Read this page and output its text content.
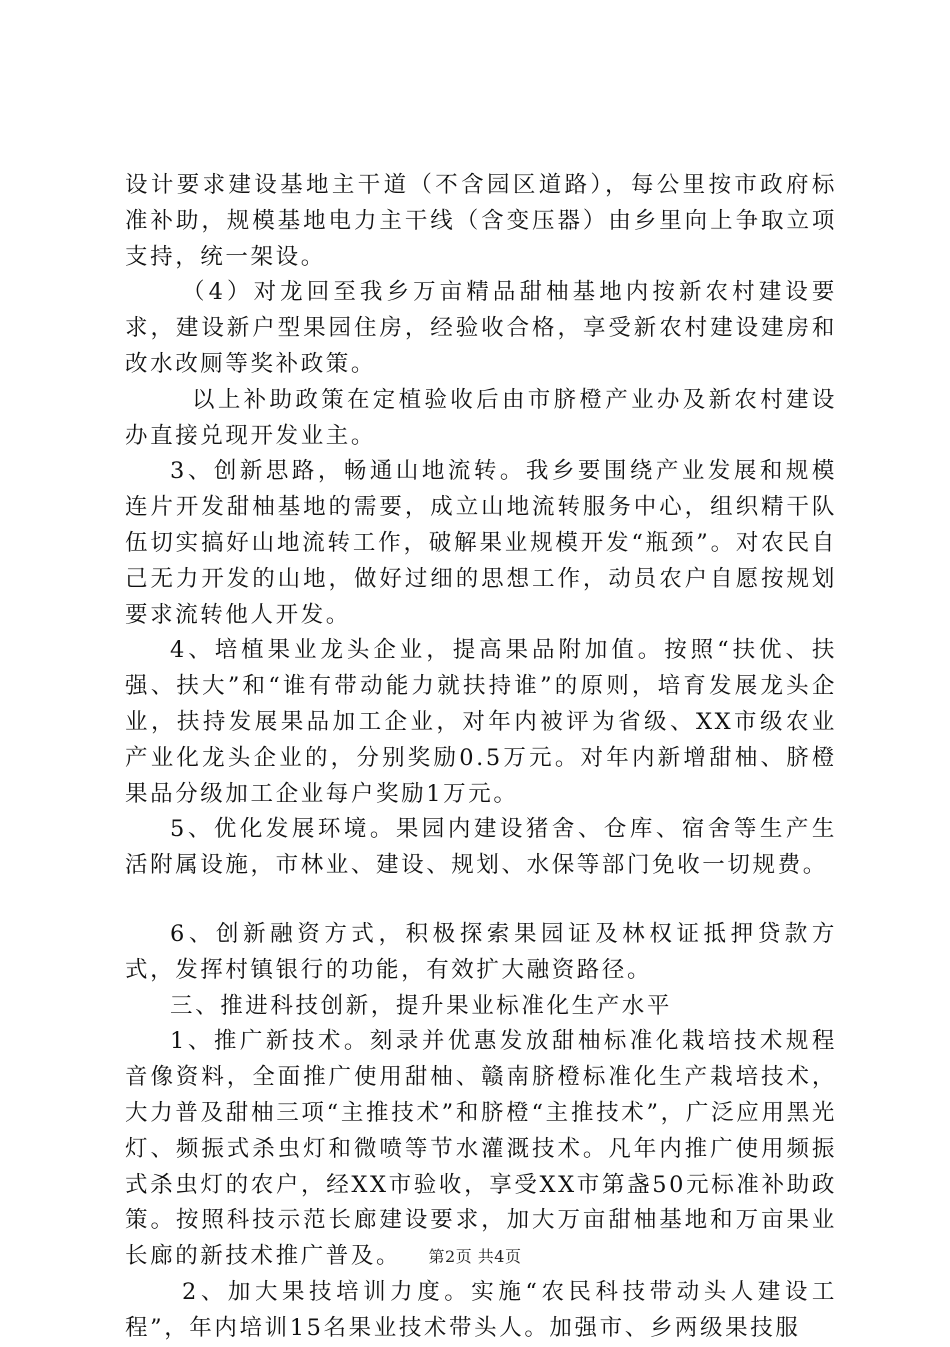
设计要求建设基地主干道（不含园区道路），每公里按市政府标准补助，规模基地电力主干线（含变压器）由乡里向上争取立项支持，统一架设。

（4）对龙回至我乡万亩精品甜柚基地内按新农村建设要求，建设新户型果园住房，经验收合格，享受新农村建设建房和改水改厕等奖补政策。

以上补助政策在定植验收后由市脐橙产业办及新农村建设办直接兑现开发业主。

3、创新思路，畅通山地流转。我乡要围绕产业发展和规模连片开发甜柚基地的需要，成立山地流转服务中心，组织精干队伍切实搞好山地流转工作，破解果业规模开发“瓶颈”。对农民自己无力开发的山地，做好过细的思想工作，动员农户自愿按规划要求流转他人开发。

4、培植果业龙头企业，提高果品附加值。按照“扶优、扶强、扶大”和“谁有带动能力就扶持谁”的原则，培育发展龙头企业，扶持发展果品加工企业，对年内被评为省级、XX市级农业产业化龙头企业的，分别奖励0.5万元。对年内新增甜柚、脐橙果品分级加工企业每户奖励1万元。

5、优化发展环境。果园内建设猪舍、仓库、宿舍等生产生活附属设施，市林业、建设、规划、水保等部门免收一切规费。

6、创新融资方式，积极探索果园证及林权证抵押贷款方式，发挥村镇银行的功能，有效扩大融资路径。

三、推进科技创新，提升果业标准化生产水平

1、推广新技术。刻录并优惠发放甜柚标准化栽培技术规程音像资料，全面推广使用甜柚、赣南脐橙标准化生产栽培技术，大力普及甜柚三项“主推技术”和脐橙“主推技术”，广泛应用黑光灯、频振式杀虫灯和微喷等节水灌溉技术。凡年内推广使用频振式杀虫灯的农户，经XX市验收，享受XX市第盏50元标准补助政策。按照科技示范长廊建设要求，加大万亩甜柚基地和万亩果业长廊的新技术推广普及。

2、加大果技培训力度。实施“农民科技带动头人建设工程”，年内培训15名果业技术带头人。加强市、乡两级果技服

第2页 共4页
